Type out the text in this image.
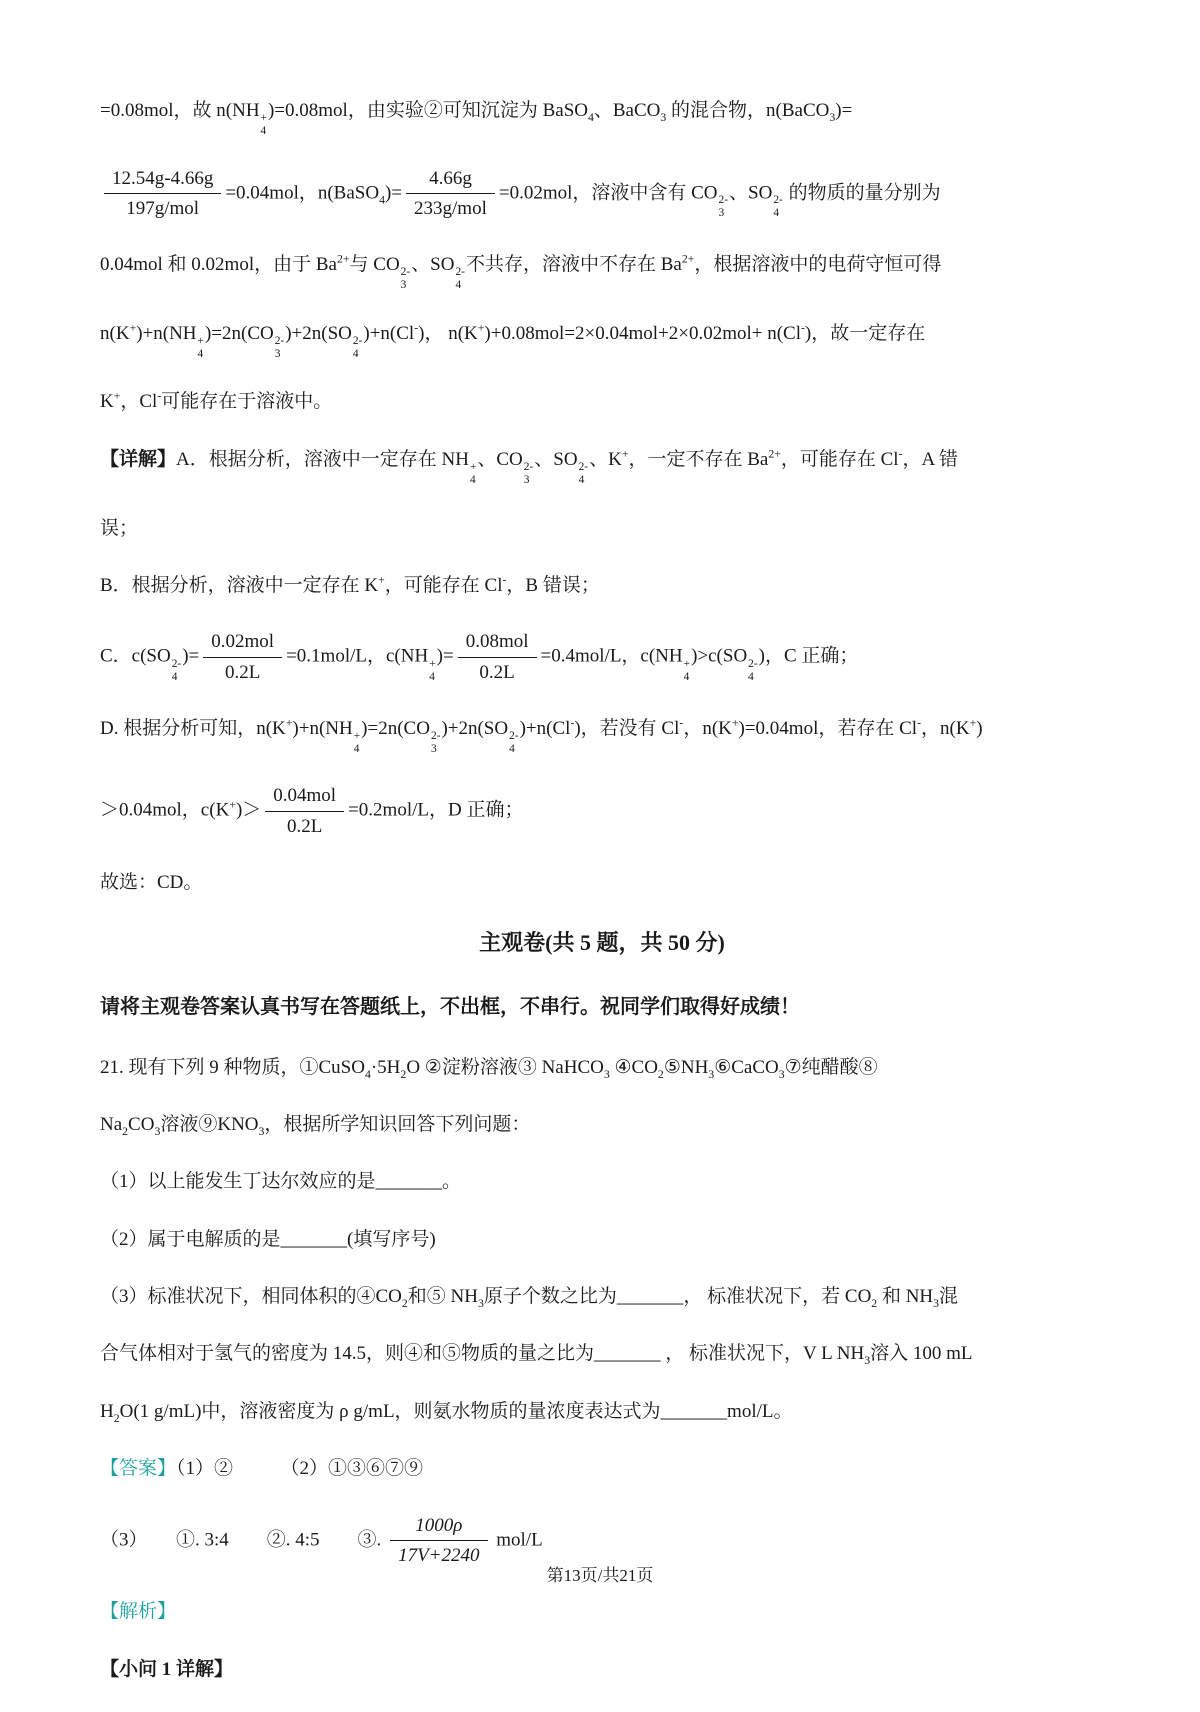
=0.08mol，故 n(NH +
4
)=0.08mol，由实验②可知沉淀为 BaSO$_4$、BaCO$_3$ 的混合物，n(BaCO$_3$)=
$\frac{12.54g-4.66g}{\text{197g/mol}} =0.04mol$，n(BaSO$_4$)= $\frac{4.66g}{\text{233g/mol}} =0.02mol$，溶液中含有 CO 2-
3
、SO 2-
4
的物质的量分别为
0.04mol 和 0.02mol，由于 $Ba^{2+}$与 CO 2-
3
、SO 2-
4
不共存，溶液中不存在 $Ba^{2+}$，根据溶液中的电荷守恒可得
n(K+)+n(NH +
4
)=2n(CO 2-
3
)+2n(SO 2-
4
)+n(Cl-)， n(K+)+0.08mol=2×0.04mol+2×0.02mol+ n(Cl-)，故一定存在
K+，Cl-可能存在于溶液中。
【详解】A．根据分析，溶液中一定存在 NH +
4
、CO 2-
3
、SO 2-
4
、K+，一定不存在 $Ba^{2+}$，可能存在 Cl-，A 错
误；
B．根据分析，溶液中一定存在 K+，可能存在 Cl-，B 错误；
C．c(SO 2-
4
)= $\frac{\text{0.02mol}}{0.2L} =0.1mol/L$，c(NH +
4
)= $\frac{\text{0.08mol}}{0.2L} =0.4mol/L$，c(NH +
4
)>c(SO 2-
4
)，C 正确；
D. 根据分析可知，n(K+)+n(NH +
4
)=2n(CO 2-
3
)+2n(SO 2-
4
)+n(Cl-)，若没有 Cl-，n(K+)=0.04mol，若存在 Cl-，n(K+)
＞0.04mol，$c(K^+)> \frac{\text{0.04mol}}{0.2L} =0.2mol/L$，D 正确；
故选：CD。
主观卷(共 5 题，共 50 分)
请将主观卷答案认真书写在答题纸上，不出框，不串行。祝同学们取得好成绩！
21. 现有下列 9 种物质，$①CuSO_4\cdot 5H_2O$ ②淀粉溶液③ NaHCO$_3$ $④CO_2⑤NH_3⑥CaCO_3⑦$纯醋酸⑧
$Na_2CO_3$溶液$⑨KNO_3$，根据所学知识回答下列问题：
（1）以上能发生丁达尔效应的是_______。
（2）属于电解质的是_______(填写序号)
（3）标准状况下，相同体积的$④CO_2$和⑤ $NH_3$原子个数之比为_______， 标准状况下，若 $CO_2$ 和 $NH_3$混
合气体相对于氢气的密度为 14.5，则④和⑤物质的量之比为_______ ， 标准状况下，V L $NH_3$溶入 100 mL
$H_2O(1$ g/mL)中，溶液密度为 ρ g/mL，则氨水物质的量浓度表达式为_______mol/L。
【答案】（1）②　　　（2）①③⑥⑦⑨
（3）　　①. 3:4　　②. 4:5　　③. $\frac{1000\rho}{17V+2240} mol/L$
【解析】
【小问 1 详解】
第13页/共21页
